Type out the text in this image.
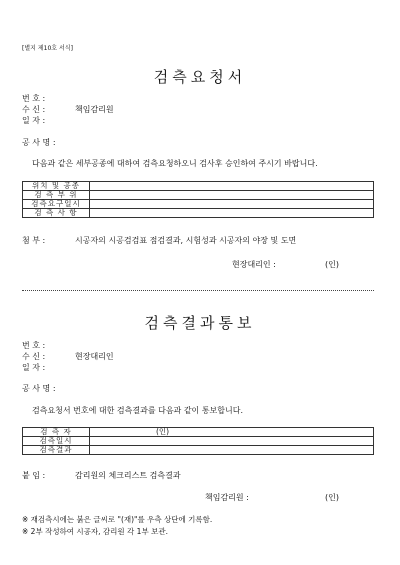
[별지 제10호 서식]
검측요청서
번 호 :
수 신 :	책임감리원
일 자 :
공 사 명 :
다음과 같은 세부공종에 대하여 검측요청하오니 검사후 승인하여 주시기 바랍니다.
위치 및 공종	
검 측 부 위	
검측요구일시	
검 측 사 항	
첨 부 :	시공자의 시공검검표 점검결과, 시험성과 시공자의 야장 및 도면
현장대리인 :	(인)
검측결과통보
번 호 :
수 신 :	현장대리인
일 자 :
공 사 명 :
검측요청서 번호에 대한 검측결과를 다음과 같이 통보합니다.
검 측 자	(인)
검측일시	
검측결과	
붙 임 :	감리원의 체크리스트 검측결과
책임감리원 :	(인)
※ 재검측시에는 붉은 글씨로 "(재)"를 우측 상단에 기록함.
※ 2부 작성하여 시공자, 감리원 각 1부 보관.
